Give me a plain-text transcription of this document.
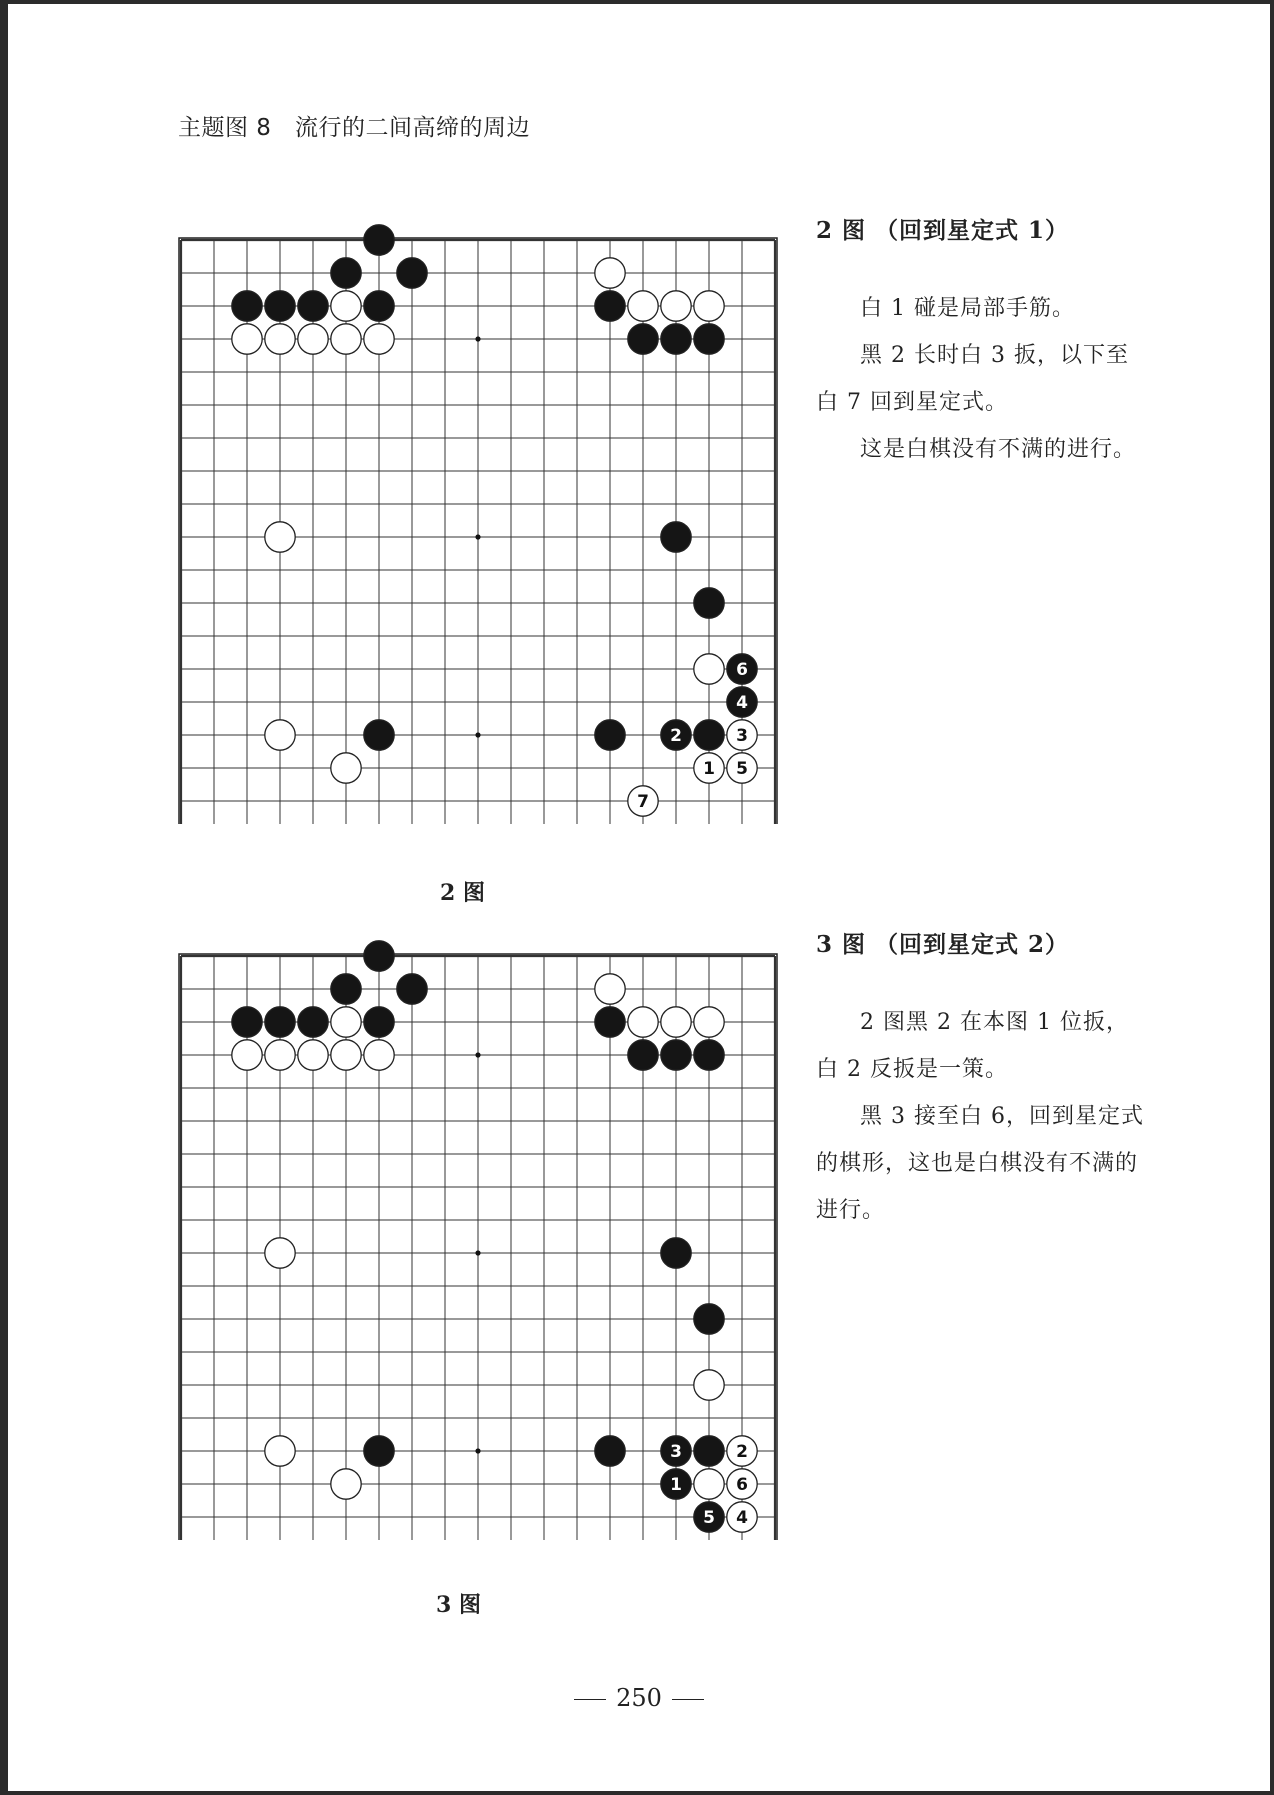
主题图 8　流行的二间高缔的周边
6
4
2	3
1 5
7
2 图
2 图 （回到星定式 1）

白 1 碰是局部手筋。

黑 2 长时白 3 扳，以下至白 7 回到星定式。

这是白棋没有不满的进行。

3	2
1	6
5 4
3 图
3 图 （回到星定式 2）

2 图黑 2 在本图 1 位扳，白 2 反扳是一策。

黑 3 接至白 6，回到星定式的棋形，这也是白棋没有不满的进行。

250
